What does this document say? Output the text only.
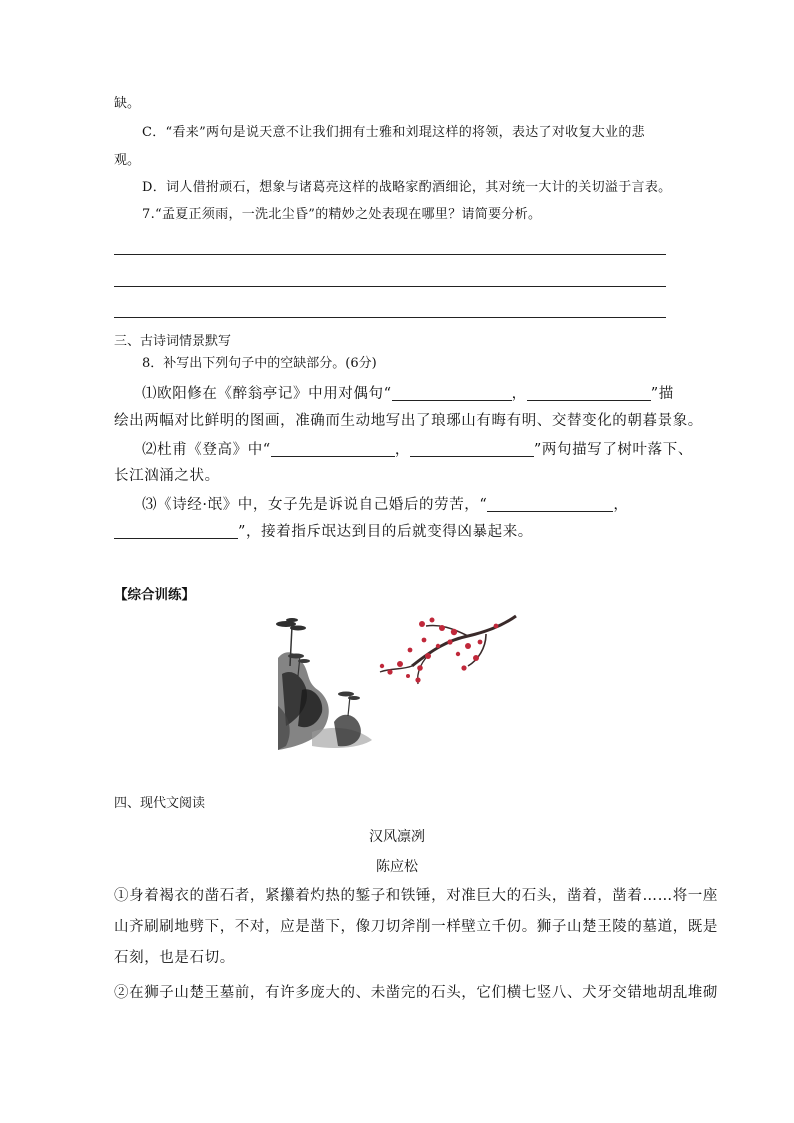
缺。
C．“看来”两句是说天意不让我们拥有士雅和刘琨这样的将领，表达了对收复大业的悲
观。
D．词人借拊顽石，想象与诸葛亮这样的战略家酌酒细论，其对统一大计的关切溢于言表。
7.“孟夏正须雨，一洗北尘昏”的精妙之处表现在哪里？请简要分析。
三、古诗词情景默写
8．补写出下列句子中的空缺部分。(6分)
⑴欧阳修在《醉翁亭记》中用对偶句“	，	”描
绘出两幅对比鲜明的图画，准确而生动地写出了琅琊山有晦有明、交替变化的朝暮景象。
⑵杜甫《登高》中“	，	”两句描写了树叶落下、
长江汹涌之状。
⑶《诗经·氓》中，女子先是诉说自己婚后的劳苦，“	，
”，接着指斥氓达到目的后就变得凶暴起来。
【综合训练】
四、现代文阅读
汉风凛冽
陈应松
①身着褐衣的凿石者，紧攥着灼热的錾子和铁锤，对准巨大的石头，凿着，凿着……将一座
山齐刷刷地劈下，不对，应是凿下，像刀切斧削一样壁立千仞。狮子山楚王陵的墓道，既是
石刻，也是石切。
②在狮子山楚王墓前，有许多庞大的、未凿完的石头，它们横七竖八、犬牙交错地胡乱堆砌
